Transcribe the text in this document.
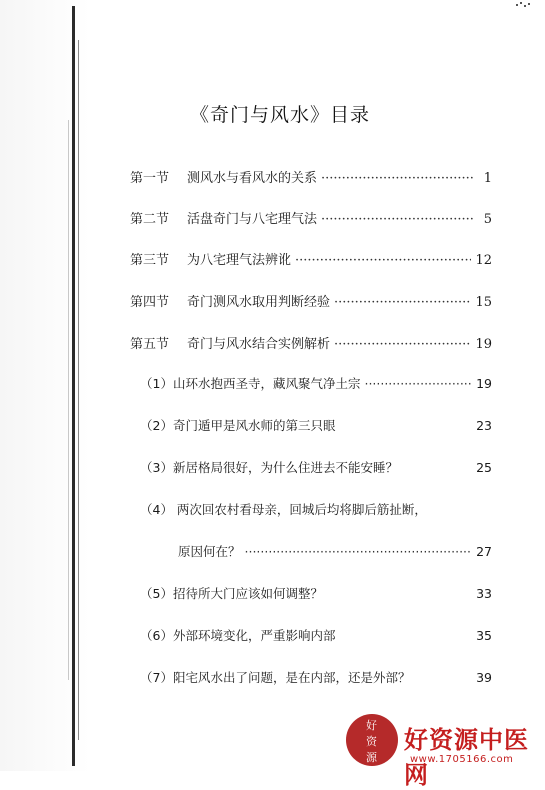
《奇门与风水》目录
第一节	测风水与看风水的关系 ·····	1
第二节	活盘奇门与八宅理气法 ·····	5
第三节	为八宅理气法辨讹 ·····	12
第四节	奇门测风水取用判断经验 ·····	15
第五节	奇门与风水结合实例解析 ·····	19
（1）山环水抱西圣寺，藏风聚气净土宗 ·····	19
（2）奇门遁甲是风水师的第三只眼	23
（3）新居格局很好，为什么住进去不能安睡？	25
（4） 两次回农村看母亲，回城后均将脚后筋扯断，
原因何在？ ·····	27
（5）招待所大门应该如何调整？	33
（6）外部环境变化，严重影响内部	35
（7）阳宅风水出了问题，是在内部，还是外部？	39
好
资
源
好资源中医网
www.1705166.com
